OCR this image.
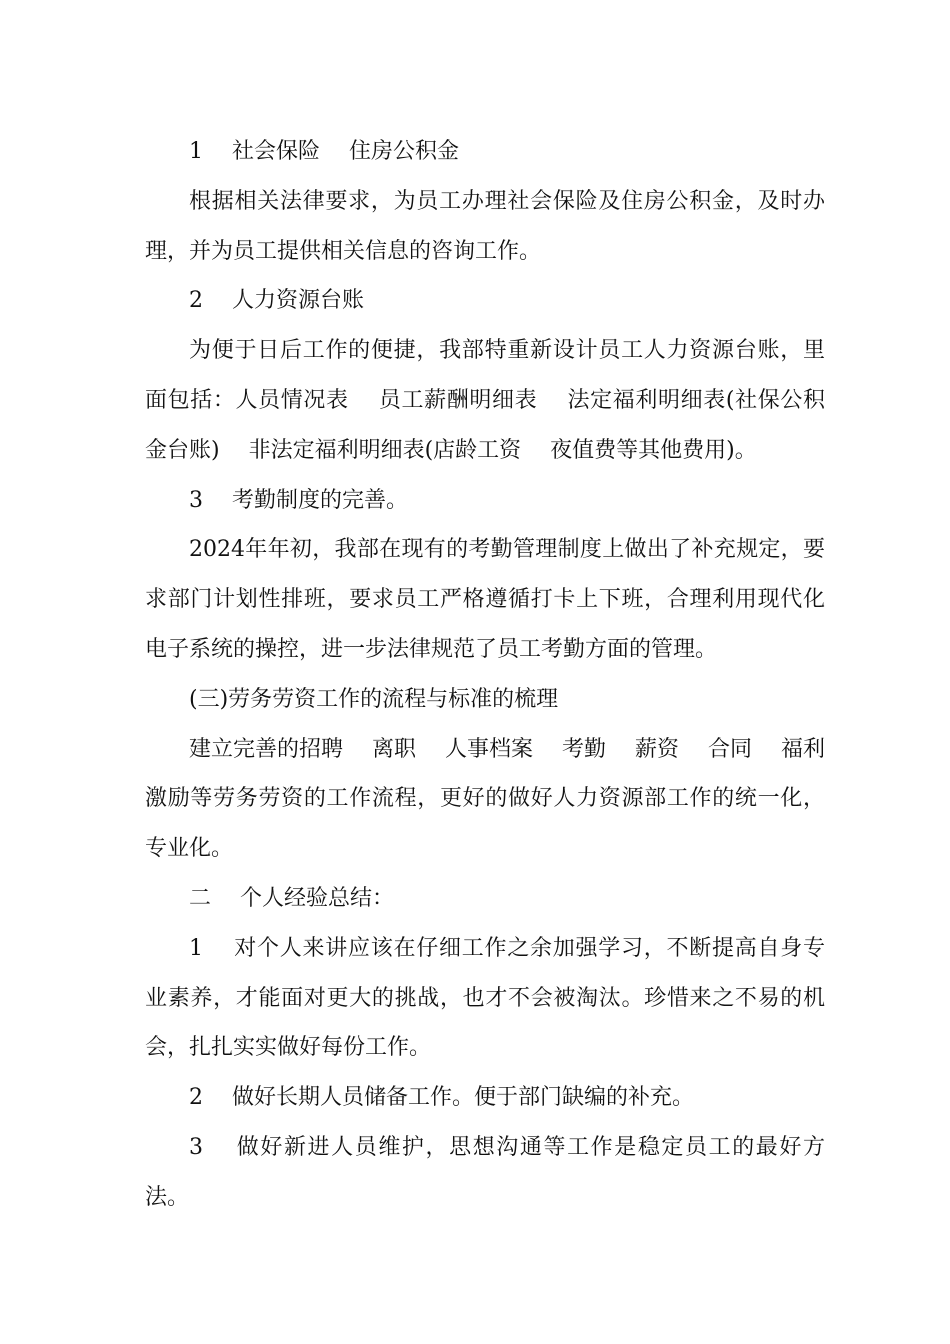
1　 社会保险　 住房公积金

根据相关法律要求，为员工办理社会保险及住房公积金，及时办理，并为员工提供相关信息的咨询工作。

2　 人力资源台账

为便于日后工作的便捷，我部特重新设计员工人力资源台账，里面包括：人员情况表　 员工薪酬明细表　 法定福利明细表(社保公积金台账)　 非法定福利明细表(店龄工资　 夜值费等其他费用)。

3　 考勤制度的完善。

2024年年初，我部在现有的考勤管理制度上做出了补充规定，要求部门计划性排班，要求员工严格遵循打卡上下班，合理利用现代化电子系统的操控，进一步法律规范了员工考勤方面的管理。

(三)劳务劳资工作的流程与标准的梳理

建立完善的招聘　 离职　 人事档案　 考勤　 薪资　 合同　 福利　 激励等劳务劳资的工作流程，更好的做好人力资源部工作的统一化，专业化。

二　 个人经验总结：

1　 对个人来讲应该在仔细工作之余加强学习，不断提高自身专业素养，才能面对更大的挑战，也才不会被淘汰。珍惜来之不易的机会，扎扎实实做好每份工作。

2　 做好长期人员储备工作。便于部门缺编的补充。

3　 做好新进人员维护，思想沟通等工作是稳定员工的最好方法。
